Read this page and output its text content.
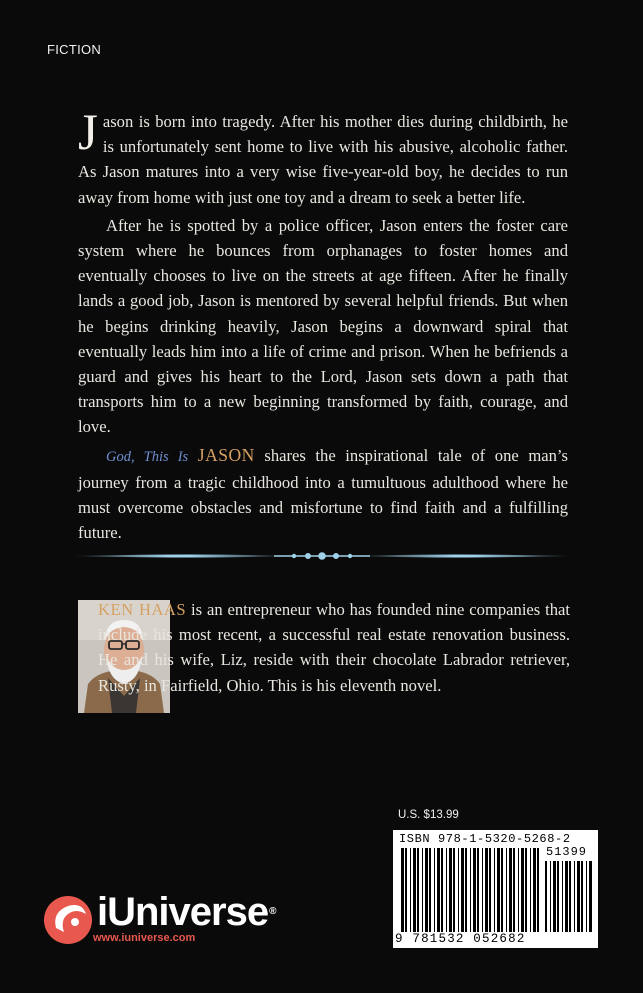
FICTION

Jason is born into tragedy. After his mother dies during childbirth, he is unfortunately sent home to live with his abusive, alcoholic father. As Jason matures into a very wise five-year-old boy, he decides to run away from home with just one toy and a dream to seek a better life.

After he is spotted by a police officer, Jason enters the foster care system where he bounces from orphanages to foster homes and eventually chooses to live on the streets at age fifteen. After he finally lands a good job, Jason is mentored by several helpful friends. But when he begins drinking heavily, Jason begins a downward spiral that eventually leads him into a life of crime and prison. When he befriends a guard and gives his heart to the Lord, Jason sets down a path that transports him to a new beginning transformed by faith, courage, and love.

God, This Is JASON shares the inspirational tale of one man’s journey from a tragic childhood into a tumultuous adulthood where he must overcome obstacles and misfortune to find faith and a fulfilling future.

KEN HAAS is an entrepreneur who has founded nine companies that include his most recent, a successful real estate renovation business. He and his wife, Liz, reside with their chocolate Labrador retriever, Rusty, in Fairfield, Ohio. This is his eleventh novel.
U.S. $13.99
ISBN 978-1-5320-5268-2
51399
9 781532 052682
iUniverse®
www.iuniverse.com
